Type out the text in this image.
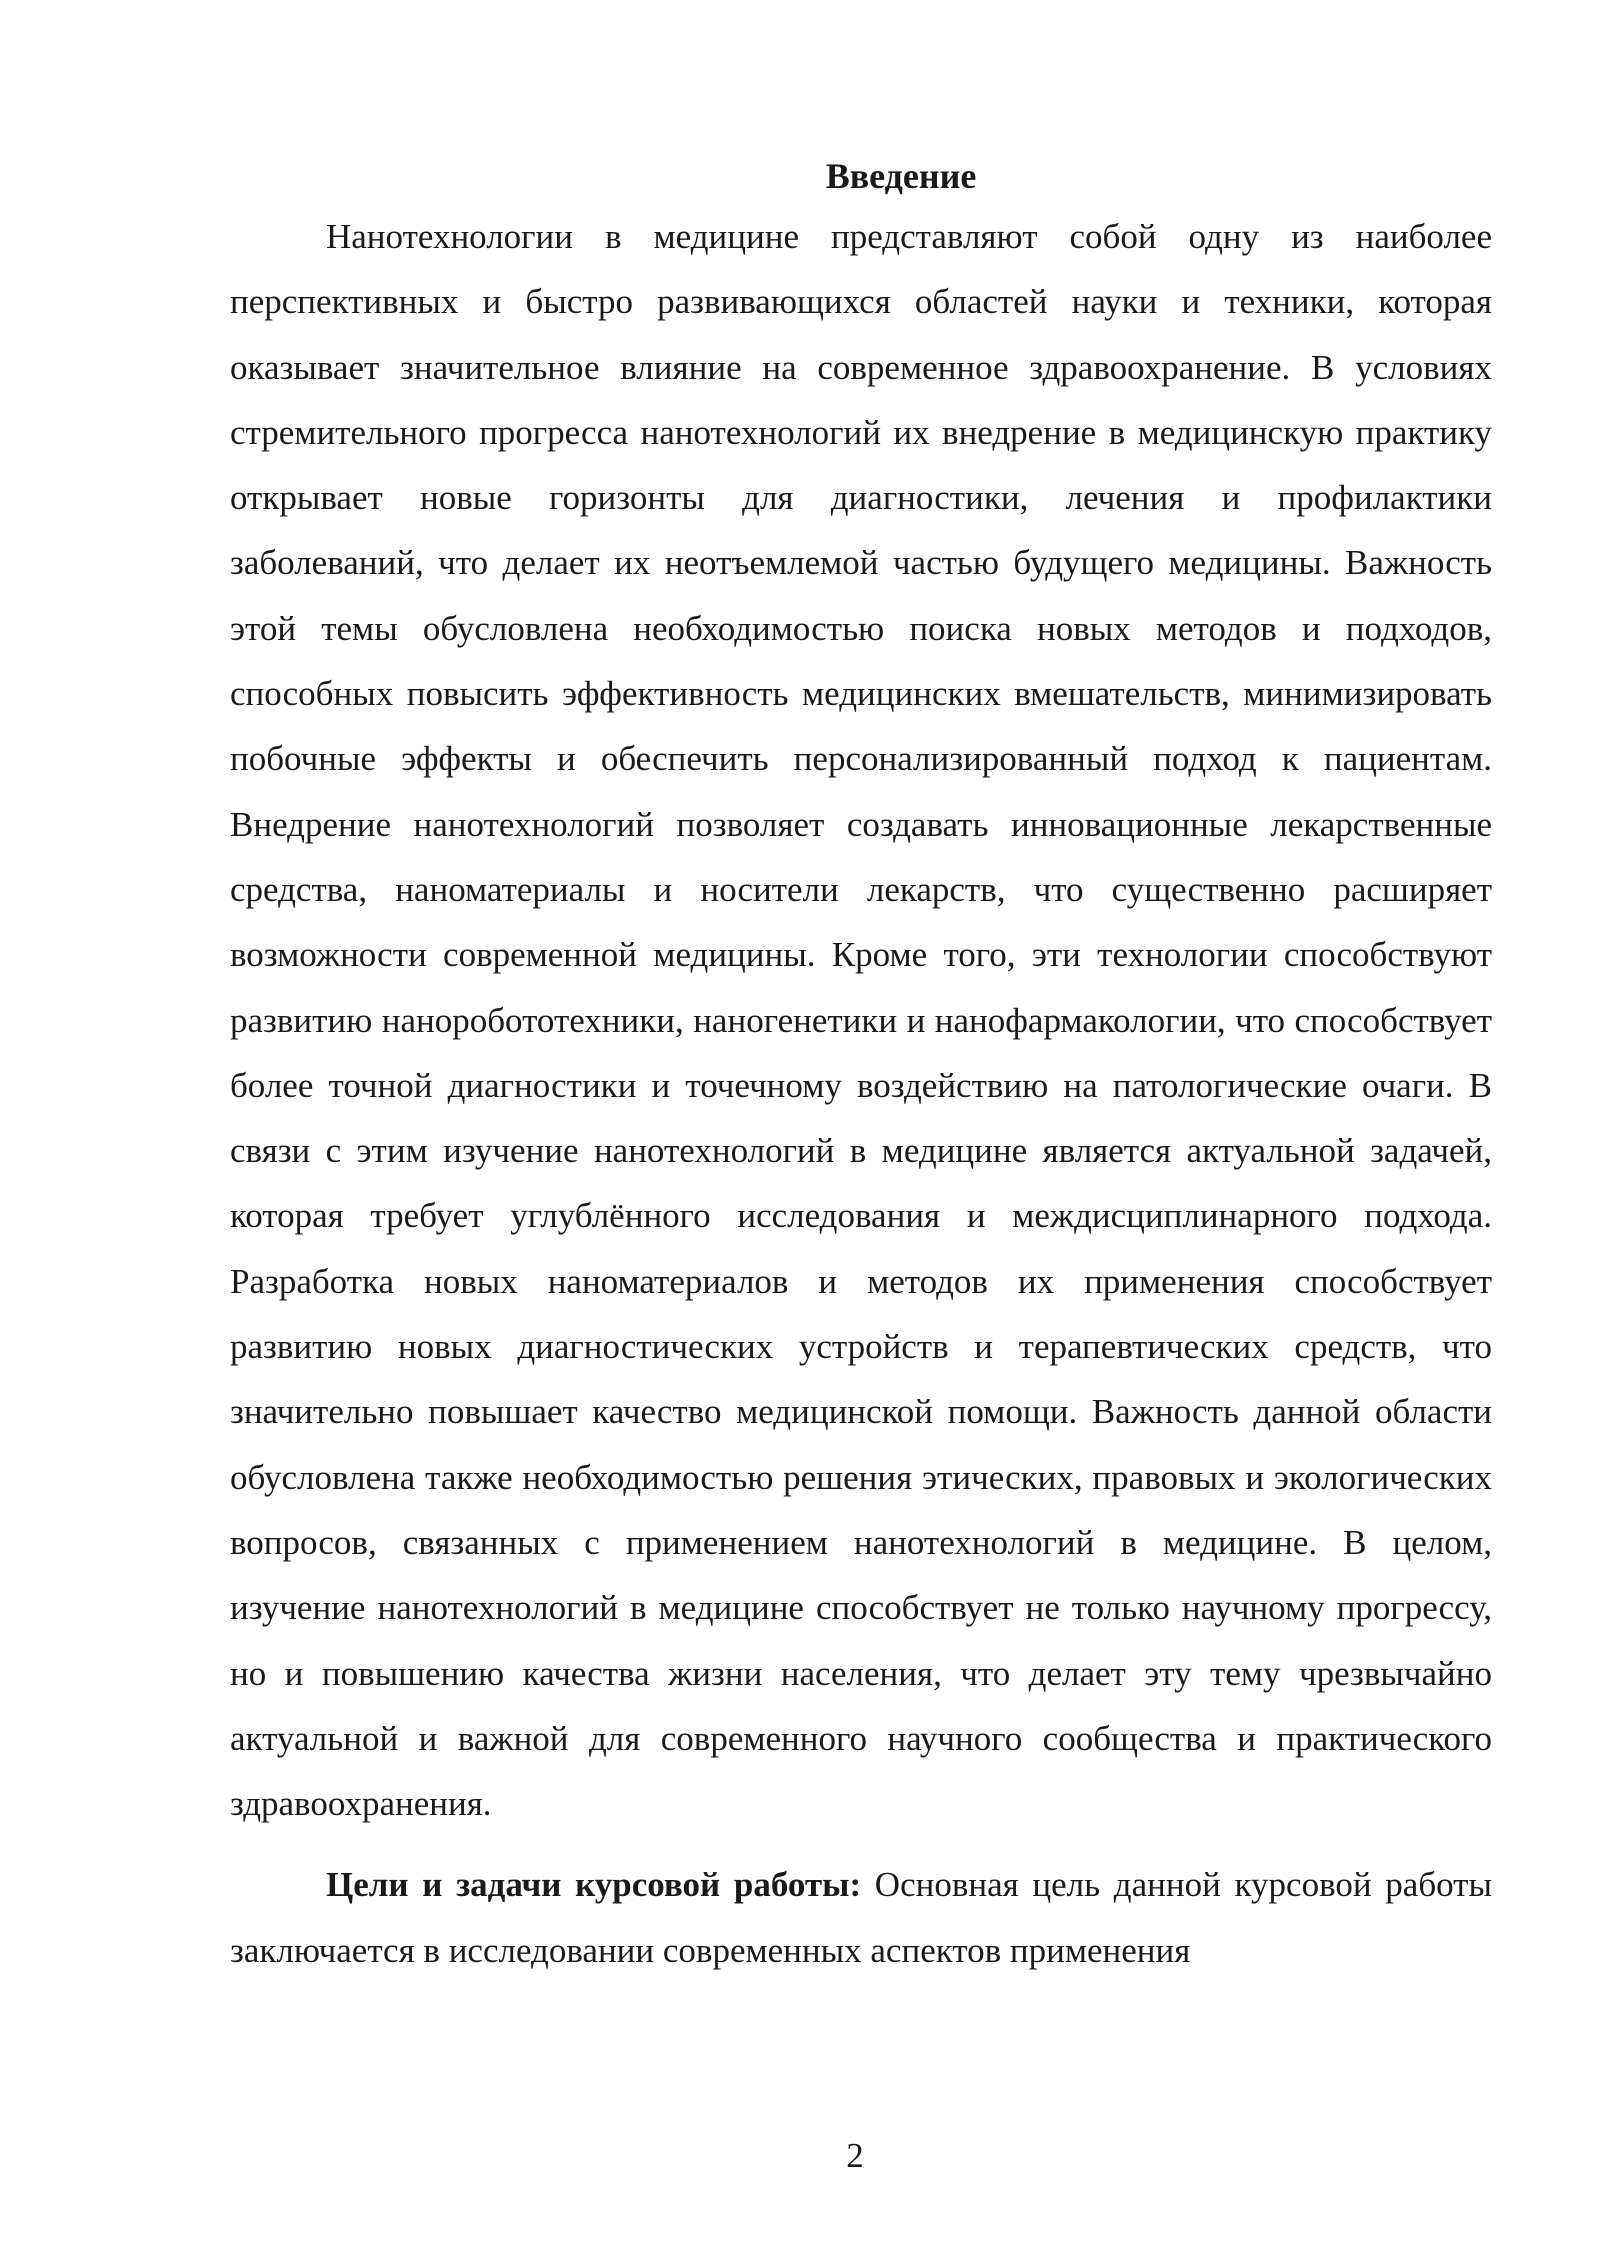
Введение

Нанотехнологии в медицине представляют собой одну из наиболее перспективных и быстро развивающихся областей науки и техники, которая оказывает значительное влияние на современное здравоохранение. В условиях стремительного прогресса нанотехнологий их внедрение в медицинскую практику открывает новые горизонты для диагностики, лечения и профилактики заболеваний, что делает их неотъемлемой частью будущего медицины. Важность этой темы обусловлена необходимостью поиска новых методов и подходов, способных повысить эффективность медицинских вмешательств, минимизировать побочные эффекты и обеспечить персонализированный подход к пациентам. Внедрение нанотехнологий позволяет создавать инновационные лекарственные средства, наноматериалы и носители лекарств, что существенно расширяет возможности современной медицины. Кроме того, эти технологии способствуют развитию наноробототехники, наногенетики и нанофармакологии, что способствует более точной диагностики и точечному воздействию на патологические очаги. В связи с этим изучение нанотехнологий в медицине является актуальной задачей, которая требует углублённого исследования и междисциплинарного подхода. Разработка новых наноматериалов и методов их применения способствует развитию новых диагностических устройств и терапевтических средств, что значительно повышает качество медицинской помощи. Важность данной области обусловлена также необходимостью решения этических, правовых и экологических вопросов, связанных с применением нанотехнологий в медицине. В целом, изучение нанотехнологий в медицине способствует не только научному прогрессу, но и повышению качества жизни населения, что делает эту тему чрезвычайно актуальной и важной для современного научного сообщества и практического здравоохранения.

Цели и задачи курсовой работы: Основная цель данной курсовой работы заключается в исследовании современных аспектов применения

2
